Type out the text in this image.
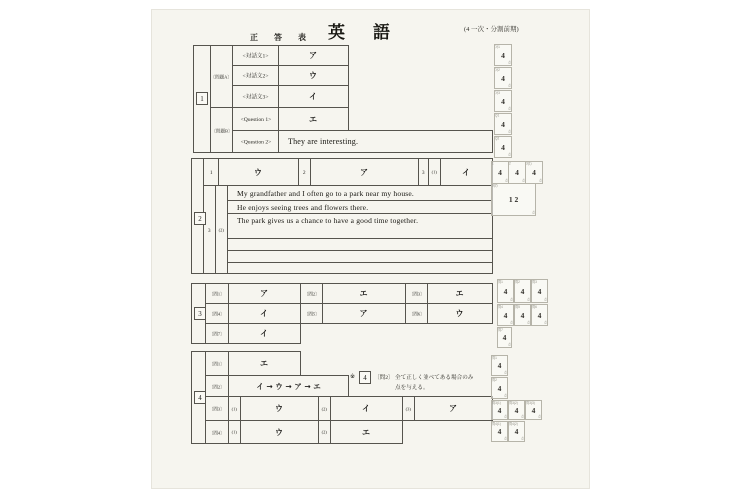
正 答 表 英語	(4 一次・分割前期)
1
〔問題A〕
〔問題B〕
<対話文1>	ア
<対話文2>	ウ
<対話文3>	イ
<Question 1>	エ
<Question 2>	They are interesting.
対1
4
点
対2
4
点
対3
4
点
Q1
4
点
Q2
4
点
2
1	ウ	2	ア	3 (1)	イ
3 (2)
My grandfather and I often go to a park near my house.
He enjoys seeing trees and flowers there.
The park gives us a chance to have a good time together.
1
4
点
2
4
点
3(1)
4
点
3(2)
1 2
点
3
〔問1〕	ア	〔問2〕	エ	〔問3〕	エ
〔問4〕	イ	〔問5〕	ア	〔問6〕	ウ
〔問7〕	イ
問1
4
点
問2
4
点
問3
4
点
問4
4
点
問5
4
点
問6
4
点
問7
4
点
4
〔問1〕	エ
〔問2〕	イ → ウ → ア → エ
〔問3〕 (1)	ウ	(2)	イ	(3)	ア
〔問4〕 (1)	ウ	(2)	エ
※	4 〔問2〕 全て正しく並べてある場合のみ
点を与える。
問1
4
点
問2
4
点
問3(1)
4
点
問3(2)
4
点
問3(3)
4
点
問4(1)
4
点
問4(2)
4
点
